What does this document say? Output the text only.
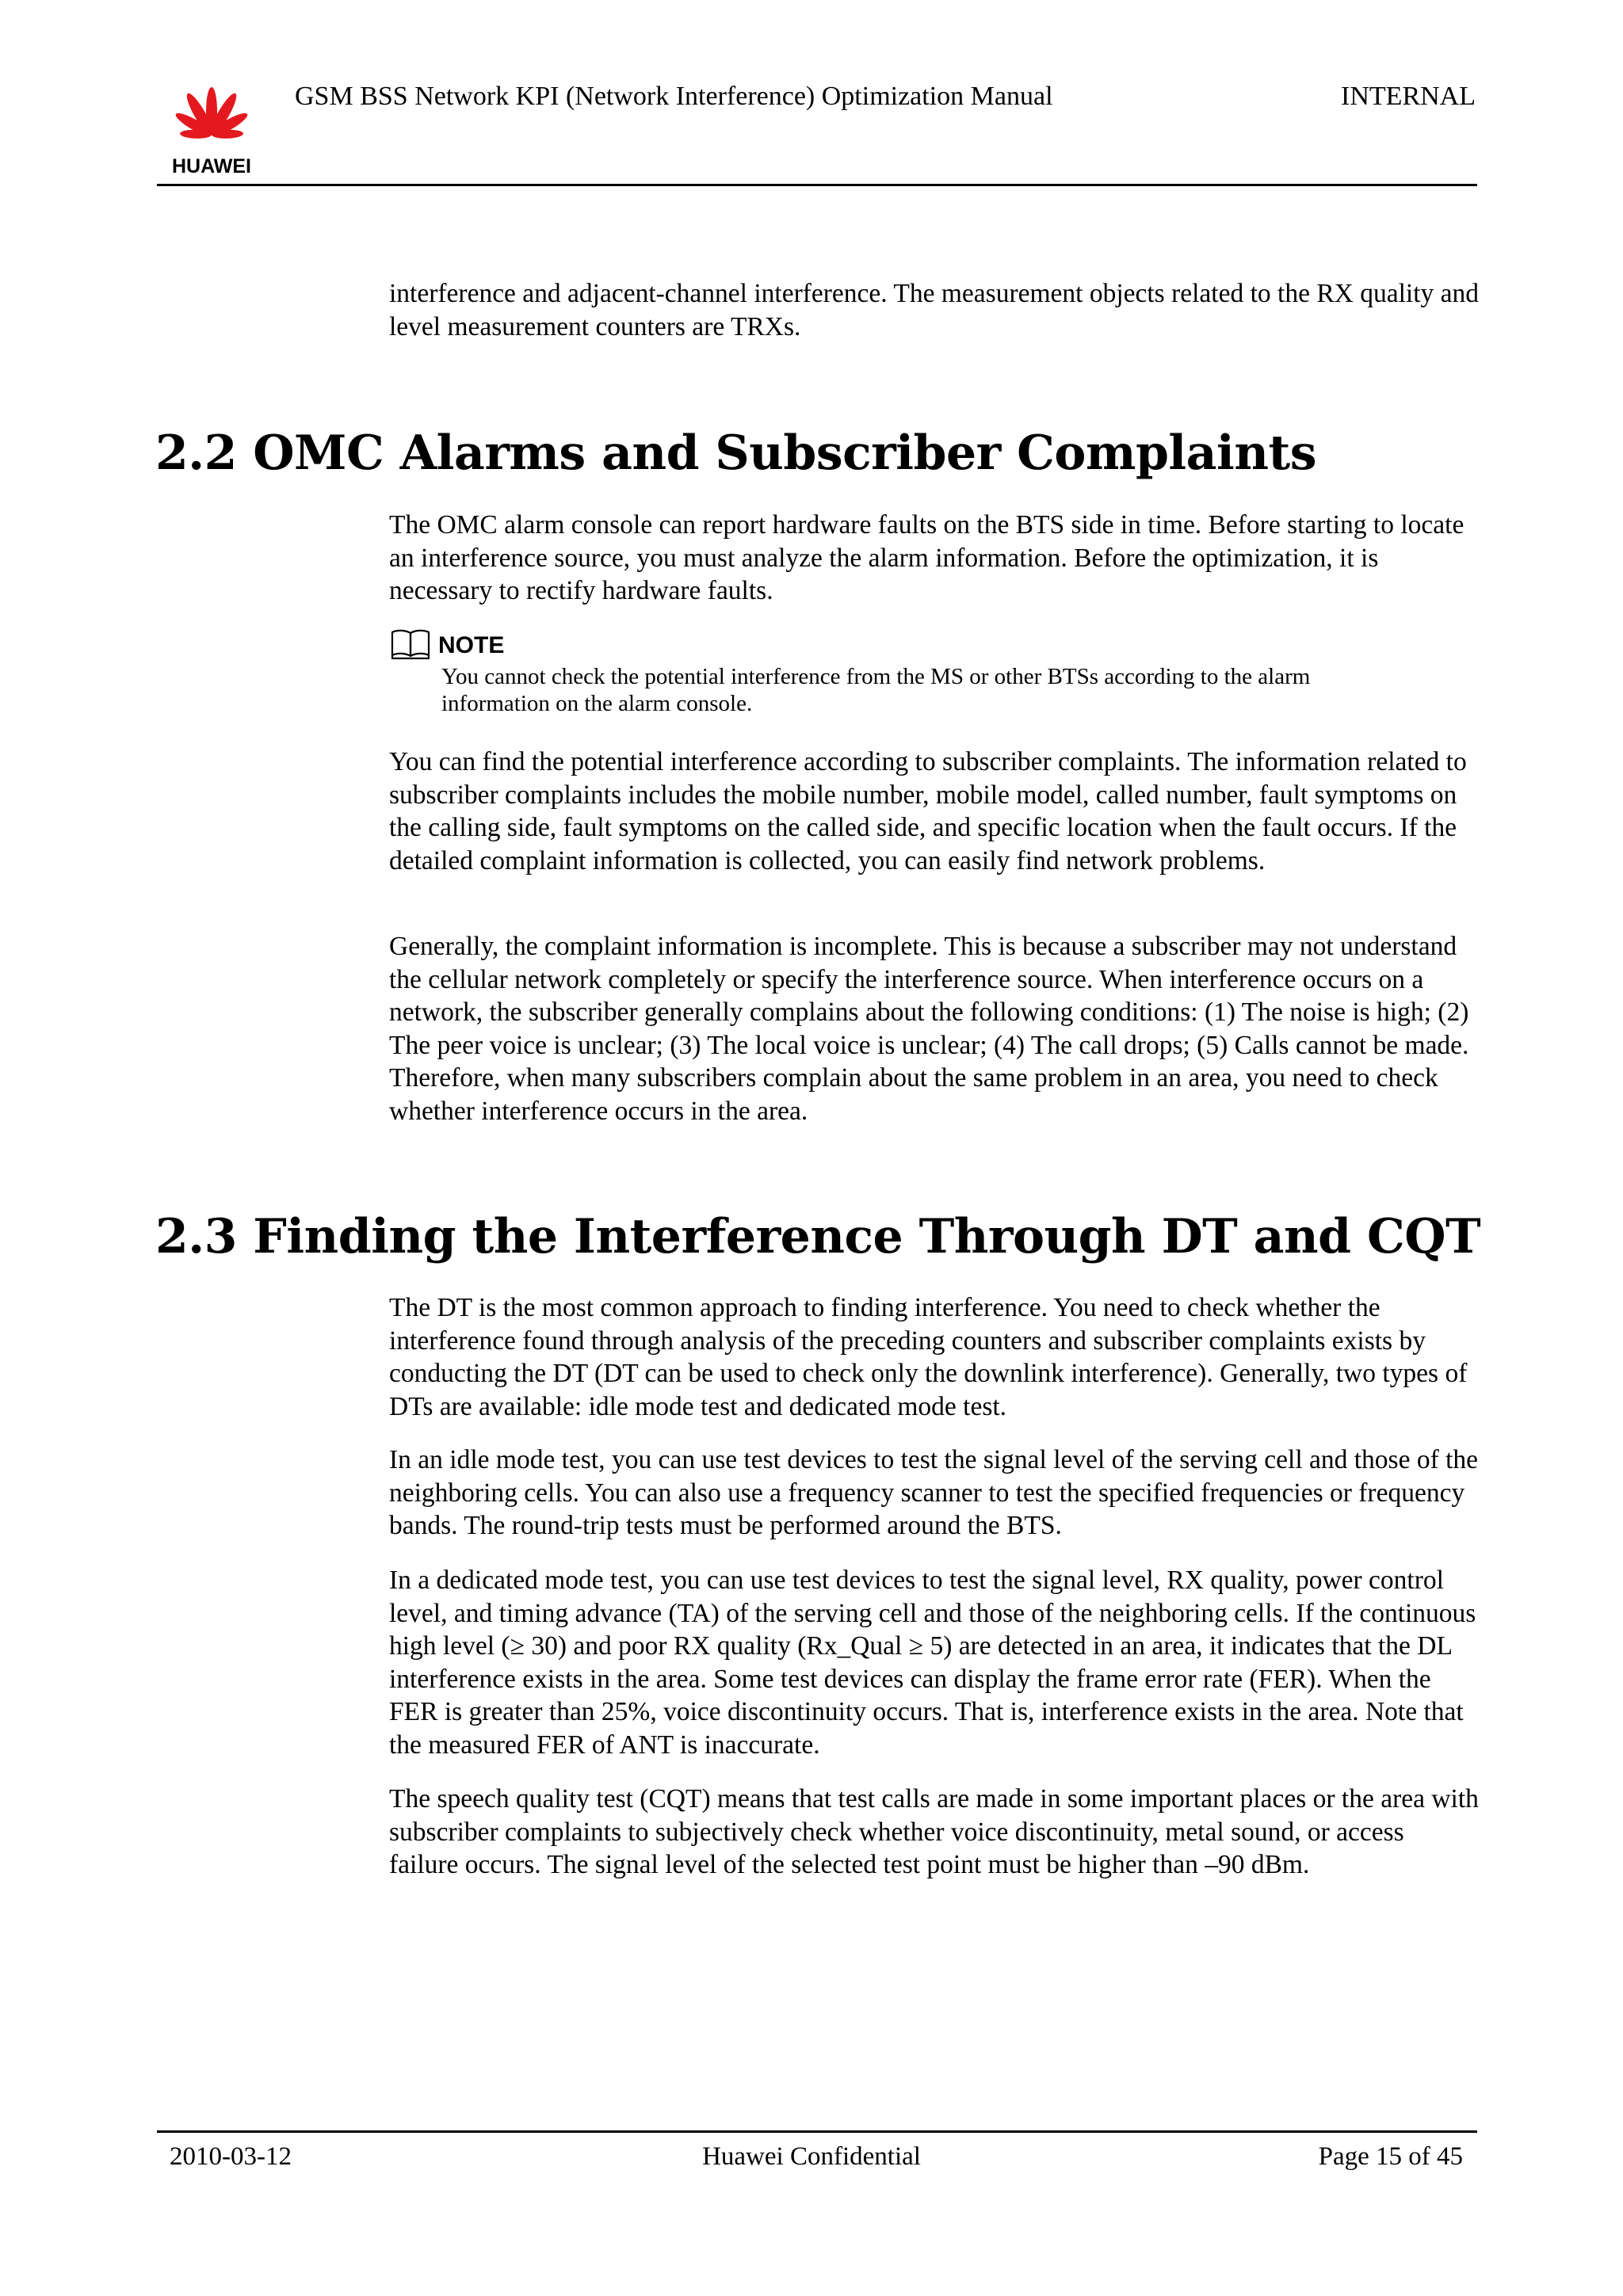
HUAWEI
GSM BSS Network KPI (Network Interference) Optimization Manual	INTERNAL

interference and adjacent-channel interference. The measurement objects related to the RX quality and level measurement counters are TRXs.

2.2 OMC Alarms and Subscriber Complaints

The OMC alarm console can report hardware faults on the BTS side in time. Before starting to locate an interference source, you must analyze the alarm information. Before the optimization, it is necessary to rectify hardware faults.

NOTE

You cannot check the potential interference from the MS or other BTSs according to the alarm information on the alarm console.

You can find the potential interference according to subscriber complaints. The information related to subscriber complaints includes the mobile number, mobile model, called number, fault symptoms on the calling side, fault symptoms on the called side, and specific location when the fault occurs. If the detailed complaint information is collected, you can easily find network problems.

Generally, the complaint information is incomplete. This is because a subscriber may not understand the cellular network completely or specify the interference source. When interference occurs on a network, the subscriber generally complains about the following conditions: (1) The noise is high; (2) The peer voice is unclear; (3) The local voice is unclear; (4) The call drops; (5) Calls cannot be made. Therefore, when many subscribers complain about the same problem in an area, you need to check whether interference occurs in the area.

2.3 Finding the Interference Through DT and CQT

The DT is the most common approach to finding interference. You need to check whether the interference found through analysis of the preceding counters and subscriber complaints exists by conducting the DT (DT can be used to check only the downlink interference). Generally, two types of DTs are available: idle mode test and dedicated mode test.

In an idle mode test, you can use test devices to test the signal level of the serving cell and those of the neighboring cells. You can also use a frequency scanner to test the specified frequencies or frequency bands. The round-trip tests must be performed around the BTS.

In a dedicated mode test, you can use test devices to test the signal level, RX quality, power control level, and timing advance (TA) of the serving cell and those of the neighboring cells. If the continuous high level (≥ 30) and poor RX quality (Rx_Qual ≥ 5) are detected in an area, it indicates that the DL interference exists in the area. Some test devices can display the frame error rate (FER). When the FER is greater than 25%, voice discontinuity occurs. That is, interference exists in the area. Note that the measured FER of ANT is inaccurate.

The speech quality test (CQT) means that test calls are made in some important places or the area with subscriber complaints to subjectively check whether voice discontinuity, metal sound, or access failure occurs. The signal level of the selected test point must be higher than –90 dBm.

2010-03-12	Huawei Confidential	Page 15 of 45
